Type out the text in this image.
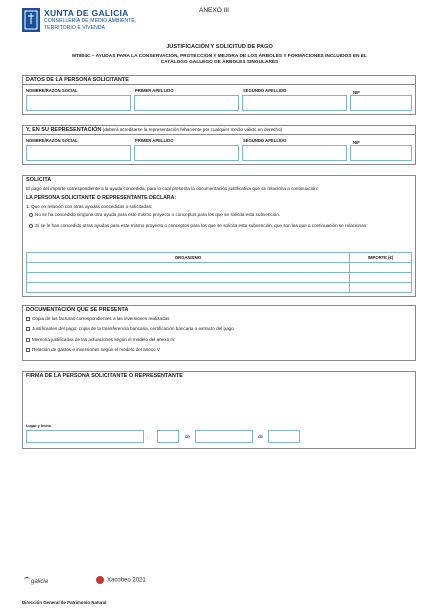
XUNTA DE GALICIA
CONSELLERÍA DE MEDIO AMBIENTE,
TERRITORIO E VIVENDA
ANEXO III
JUSTIFICACIÓN Y SOLICITUD DE PAGO
MT804C – AYUDAS PARA LA CONSERVACIÓN, PROTECCIÓN Y MEJORA DE LOS ÁRBOLES Y FORMACIONES INCLUIDOS EN EL CATÁLOGO GALLEGO DE ÁRBOLES SINGULARES
DATOS DE LA PERSONA SOLICITANTE
NOMBRE/RAZÓN SOCIAL	PRIMER APELLIDO	SEGUNDO APELLIDO	NIF
Y, EN SU REPRESENTACIÓN (deberá acreditarse la representación fehaciente por cualquier medio válido en derecho)
NOMBRE/RAZÓN SOCIAL	PRIMER APELLIDO	SEGUNDO APELLIDO	NIF
SOLICITA
El pago del importe correspondiente a la ayuda concedida, para lo cual presenta la documentación justificativa que se relaciona a continuación:
LA PERSONA SOLICITANTE O REPRESENTANTE DECLARA:
1. Que en relación con otras ayudas concedidas o solicitadas:
No se ha concedido ninguna otra ayuda para este mismo proyecto o conceptos para los que se solicita esta subvención.
Sí se le han concedido otras ayudas para este mismo proyecto o conceptos para los que se solicita esta subvención, que son las que a continuación se relacionan:
ORGANISMO	IMPORTE (€)

DOCUMENTACIÓN QUE SE PRESENTA
Copia de las facturas correspondientes a las inversiones realizadas
Justificantes del pago: copia de la transferencia bancaria, certificación bancaria o extracto del pago
Memoria justificativa de las actuaciones según el modelo del anexo IV
Relación de gastos e inversiones según el modelo del anexo V
FIRMA DE LA PERSONA SOLICITANTE O REPRESENTANTE
Lugar y fecha
,	de	de
galicia	Xacobeo 2021
Dirección General de Patrimonio Natural
